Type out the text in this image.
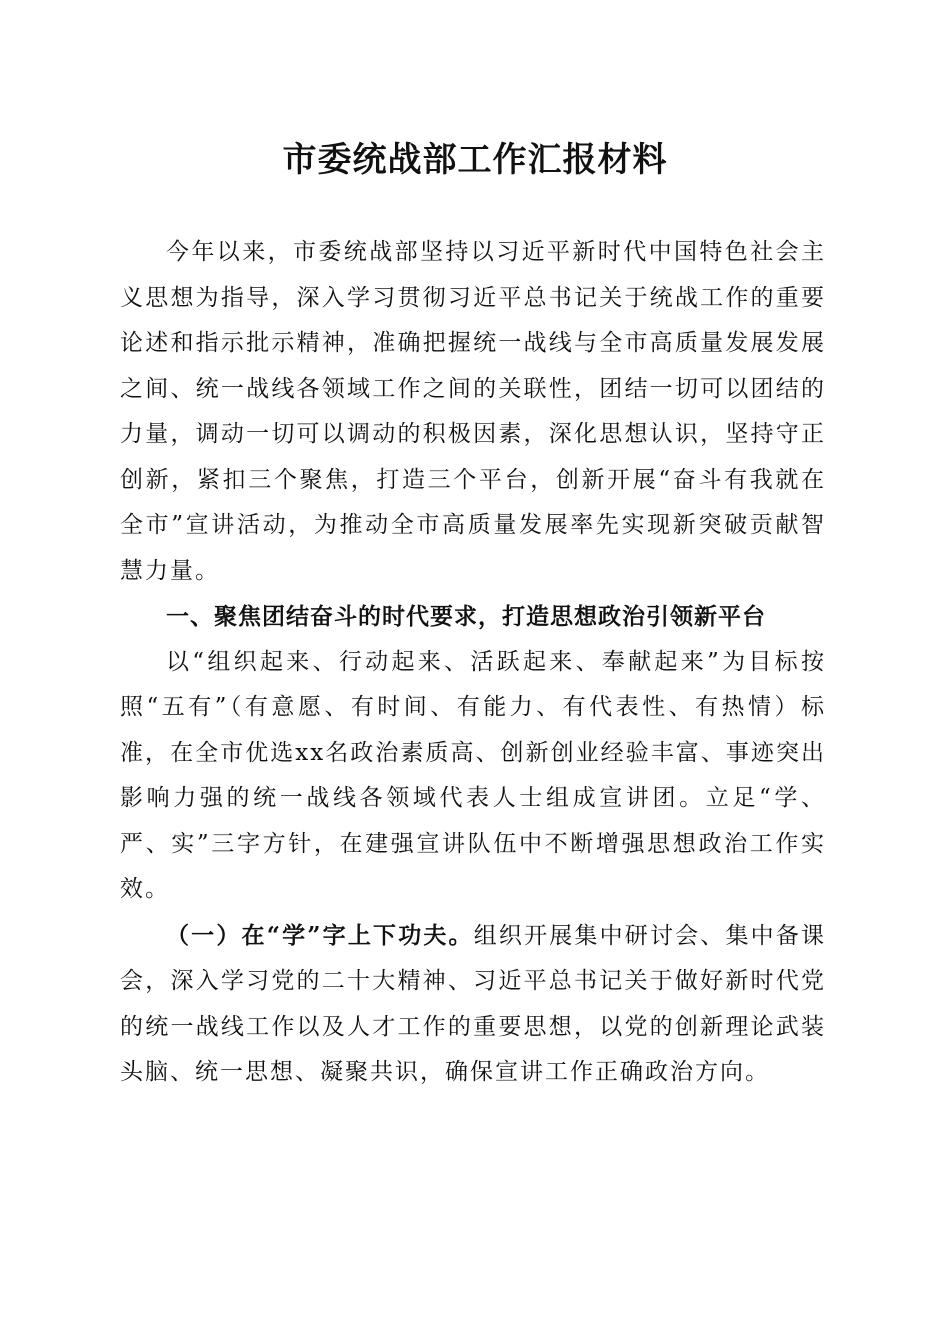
市委统战部工作汇报材料

今年以来，市委统战部坚持以习近平新时代中国特色社会主义思想为指导，深入学习贯彻习近平总书记关于统战工作的重要论述和指示批示精神，准确把握统一战线与全市高质量发展发展之间、统一战线各领域工作之间的关联性，团结一切可以团结的力量，调动一切可以调动的积极因素，深化思想认识，坚持守正创新，紧扣三个聚焦，打造三个平台，创新开展“奋斗有我就在全市”宣讲活动，为推动全市高质量发展率先实现新突破贡献智慧力量。

一、聚焦团结奋斗的时代要求，打造思想政治引领新平台

以“组织起来、行动起来、活跃起来、奉献起来”为目标按照“五有”（有意愿、有时间、有能力、有代表性、有热情）标准，在全市优选xx名政治素质高、创新创业经验丰富、事迹突出影响力强的统一战线各领域代表人士组成宣讲团。立足“学、严、实”三字方针，在建强宣讲队伍中不断增强思想政治工作实效。

（一）在“学”字上下功夫。组织开展集中研讨会、集中备课会，深入学习党的二十大精神、习近平总书记关于做好新时代党的统一战线工作以及人才工作的重要思想，以党的创新理论武装头脑、统一思想、凝聚共识，确保宣讲工作正确政治方向。
